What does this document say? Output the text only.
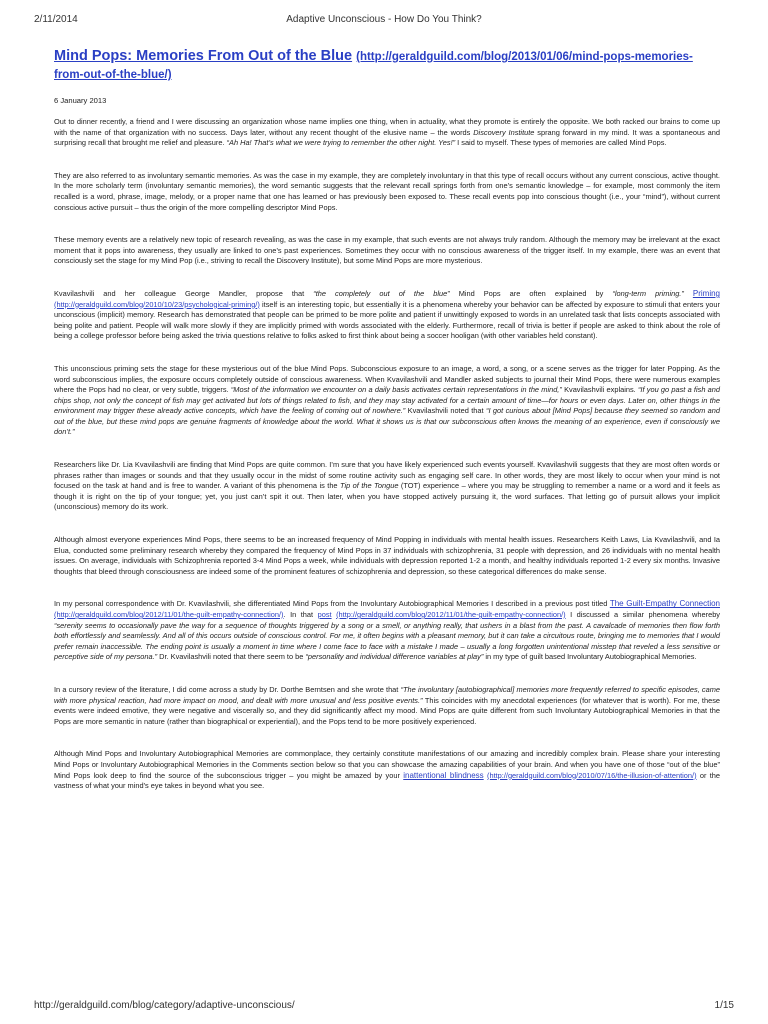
2/11/2014	Adaptive Unconscious - How Do You Think?
Mind Pops: Memories From Out of the Blue (http://geraldguild.com/blog/2013/01/06/mind-pops-memories-from-out-of-the-blue/)
6 January 2013

Out to dinner recently, a friend and I were discussing an organization whose name implies one thing, when in actuality, what they promote is entirely the opposite. We both racked our brains to come up with the name of that organization with no success. Days later, without any recent thought of the elusive name – the words Discovery Institute sprang forward in my mind. It was a spontaneous and surprising recall that brought me relief and pleasure. “Ah Ha! That’s what we were trying to remember the other night. Yes!” I said to myself. These types of memories are called Mind Pops.

They are also referred to as involuntary semantic memories. As was the case in my example, they are completely involuntary in that this type of recall occurs without any current conscious, active thought. In the more scholarly term (involuntary semantic memories), the word semantic suggests that the relevant recall springs forth from one’s semantic knowledge – for example, most commonly the item recalled is a word, phrase, image, melody, or a proper name that one has learned or has previously been exposed to. These recall events pop into conscious thought (i.e., your “mind”), without current conscious active pursuit – thus the origin of the more compelling descriptor Mind Pops.

These memory events are a relatively new topic of research revealing, as was the case in my example, that such events are not always truly random. Although the memory may be irrelevant at the exact moment that it pops into awareness, they usually are linked to one’s past experiences. Sometimes they occur with no conscious awareness of the trigger itself. In my example, there was an event that consciously set the stage for my Mind Pop (i.e., striving to recall the Discovery Institute), but some Mind Pops are more mysterious.

Kvavilashvili and her colleague George Mandler, propose that “the completely out of the blue” Mind Pops are often explained by “long-term priming.” Priming (http://geraldguild.com/blog/2010/10/23/psychological-priming/) itself is an interesting topic, but essentially it is a phenomena whereby your behavior can be affected by exposure to stimuli that enters your unconscious (implicit) memory. Research has demonstrated that people can be primed to be more polite and patient if unwittingly exposed to words in an unrelated task that lists concepts associated with being polite and patient. People will walk more slowly if they are implicitly primed with words associated with the elderly. Furthermore, recall of trivia is better if people are asked to think about the role of being a college professor before being asked the trivia questions relative to folks asked to first think about being a soccer hooligan (with other variables held constant).

This unconscious priming sets the stage for these mysterious out of the blue Mind Pops. Subconscious exposure to an image, a word, a song, or a scene serves as the trigger for later Popping. As the word subconscious implies, the exposure occurs completely outside of conscious awareness. When Kvavilashvili and Mandler asked subjects to journal their Mind Pops, there were numerous examples where the Pops had no clear, or very subtle, triggers. “Most of the information we encounter on a daily basis activates certain representations in the mind,” Kvavilashvili explains. “If you go past a fish and chips shop, not only the concept of fish may get activated but lots of things related to fish, and they may stay activated for a certain amount of time—for hours or even days. Later on, other things in the environment may trigger these already active concepts, which have the feeling of coming out of nowhere.” Kvavilashvili noted that “I got curious about [Mind Pops] because they seemed so random and out of the blue, but these mind pops are genuine fragments of knowledge about the world. What it shows us is that our subconscious often knows the meaning of an experience, even if consciously we don’t.”

Researchers like Dr. Lia Kvavilashvili are finding that Mind Pops are quite common. I’m sure that you have likely experienced such events yourself. Kvavilashvili suggests that they are most often words or phrases rather than images or sounds and that they usually occur in the midst of some routine activity such as engaging self care. In other words, they are most likely to occur when your mind is not focused on the task at hand and is free to wander. A variant of this phenomena is the Tip of the Tongue (TOT) experience – where you may be struggling to remember a name or a word and it feels as though it is right on the tip of your tongue; yet, you just can’t spit it out. Then later, when you have stopped actively pursuing it, the word surfaces. That letting go of pursuit allows your implicit (unconscious) memory do its work.

Although almost everyone experiences Mind Pops, there seems to be an increased frequency of Mind Popping in individuals with mental health issues. Researchers Keith Laws, Lia Kvavilashvili, and Ia Elua, conducted some preliminary research whereby they compared the frequency of Mind Pops in 37 individuals with schizophrenia, 31 people with depression, and 26 individuals with no mental health issues. On average, individuals with Schizophrenia reported 3-4 Mind Pops a week, while individuals with depression reported 1-2 a month, and healthy individuals reported 1-2 every six months. Invasive thoughts that bleed through consciousness are indeed some of the prominent features of schizophrenia and depression, so these categorical differences do make sense.

In my personal correspondence with Dr. Kvavilashvili, she differentiated Mind Pops from the Involuntary Autobiographical Memories I described in a previous post titled The Guilt-Empathy Connection (http://geraldguild.com/blog/2012/11/01/the-guilt-empathy-connection/). In that post (http://geraldguild.com/blog/2012/11/01/the-guilt-empathy-connection/) I discussed a similar phenomena whereby “serenity seems to occasionally pave the way for a sequence of thoughts triggered by a song or a smell, or anything really, that ushers in a blast from the past. A cavalcade of memories then flow forth both effortlessly and seamlessly. And all of this occurs outside of conscious control. For me, it often begins with a pleasant memory, but it can take a circuitous route, bringing me to memories that I would prefer remain inaccessible. The ending point is usually a moment in time where I come face to face with a mistake I made – usually a long forgotten unintentional misstep that reveled a less sensitive or perceptive side of my persona.” Dr. Kvavilashvili noted that there seem to be “personality and individual difference variables at play” in my type of guilt based Involuntary Autobiographical Memories.

In a cursory review of the literature, I did come across a study by Dr. Dorthe Berntsen and she wrote that “The involuntary [autobiographical] memories more frequently referred to specific episodes, came with more physical reaction, had more impact on mood, and dealt with more unusual and less positive events.” This coincides with my anecdotal experiences (for whatever that is worth). For me, these events were indeed emotive, they were negative and viscerally so, and they did significantly affect my mood. Mind Pops are quite different from such Involuntary Autobiographical Memories in that the Pops are more semantic in nature (rather than biographical or experiential), and the Pops tend to be more positively experienced.

Although Mind Pops and Involuntary Autobiographical Memories are commonplace, they certainly constitute manifestations of our amazing and incredibly complex brain. Please share your interesting Mind Pops or Involuntary Autobiographical Memories in the Comments section below so that you can showcase the amazing capabilities of your brain. And when you have one of those “out of the blue” Mind Pops look deep to find the source of the subconscious trigger – you might be amazed by your inattentional blindness (http://geraldguild.com/blog/2010/07/16/the-illusion-of-attention/) or the vastness of what your mind’s eye takes in beyond what you see.

http://geraldguild.com/blog/category/adaptive-unconscious/	1/15
